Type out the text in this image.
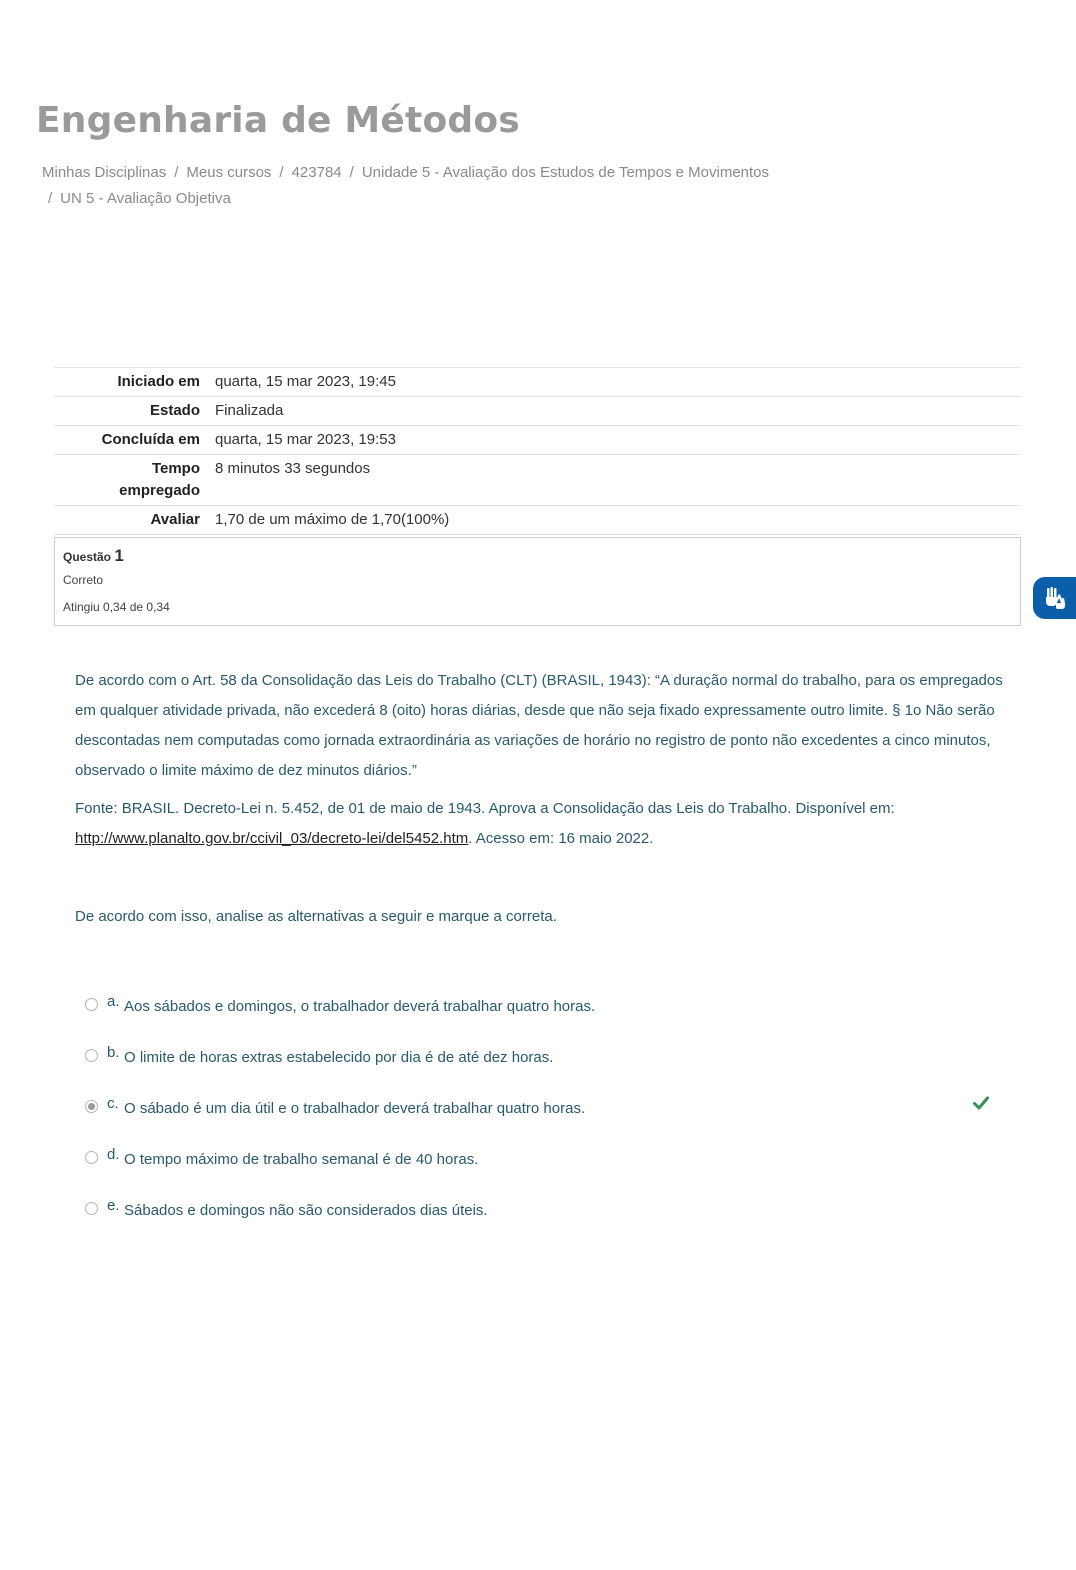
Engenharia de Métodos
Minhas Disciplinas / Meus cursos / 423784 / Unidade 5 - Avaliação dos Estudos de Tempos e Movimentos
/ UN 5 - Avaliação Objetiva
Iniciado em	quarta, 15 mar 2023, 19:45
Estado	Finalizada
Concluída em	quarta, 15 mar 2023, 19:53
Tempo
empregado	8 minutos 33 segundos
Avaliar	1,70 de um máximo de 1,70(100%)
Questão 1
Correto
Atingiu 0,34 de 0,34

De acordo com o Art. 58 da Consolidação das Leis do Trabalho (CLT) (BRASIL, 1943): “A duração normal do trabalho, para os empregados em qualquer atividade privada, não excederá 8 (oito) horas diárias, desde que não seja fixado expressamente outro limite. § 1o Não serão descontadas nem computadas como jornada extraordinária as variações de horário no registro de ponto não excedentes a cinco minutos, observado o limite máximo de dez minutos diários.”

Fonte: BRASIL. Decreto-Lei n. 5.452, de 01 de maio de 1943. Aprova a Consolidação das Leis do Trabalho. Disponível em: http://www.planalto.gov.br/ccivil_03/decreto-lei/del5452.htm. Acesso em: 16 maio 2022.

De acordo com isso, analise as alternativas a seguir e marque a correta.

a. Aos sábados e domingos, o trabalhador deverá trabalhar quatro horas.
b. O limite de horas extras estabelecido por dia é de até dez horas.
c. O sábado é um dia útil e o trabalhador deverá trabalhar quatro horas.
d. O tempo máximo de trabalho semanal é de 40 horas.
e. Sábados e domingos não são considerados dias úteis.
